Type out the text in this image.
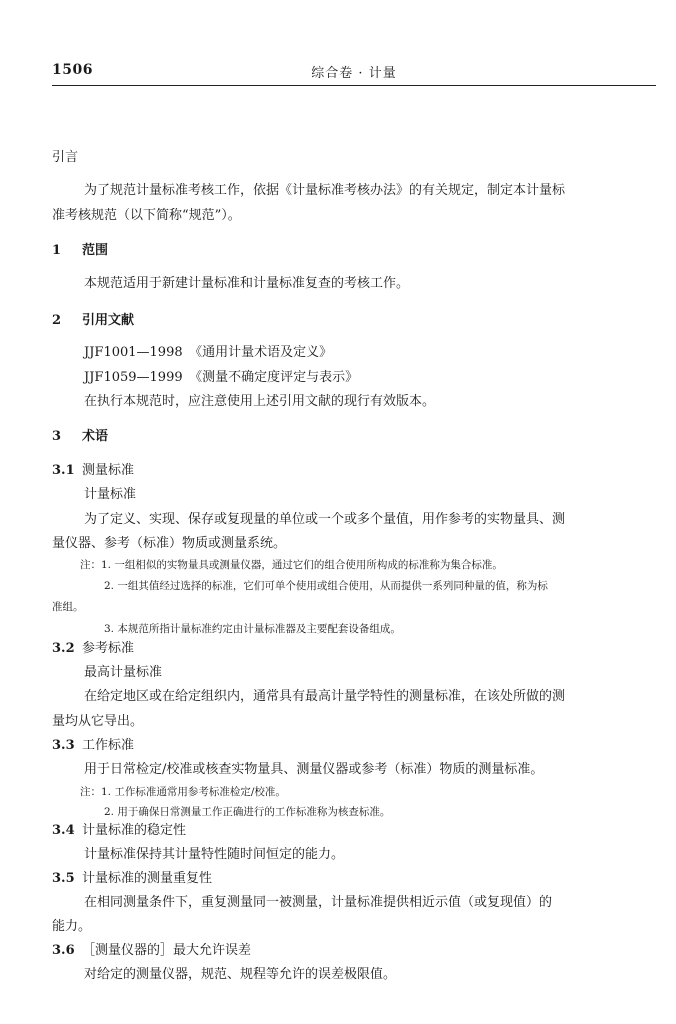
1506	综合卷 · 计量
引言
为了规范计量标准考核工作，依据《计量标准考核办法》的有关规定，制定本计量标
准考核规范（以下简称“规范”）。
1 范围
本规范适用于新建计量标准和计量标准复查的考核工作。
2 引用文献
JJF1001—1998　《通用计量术语及定义》
JJF1059—1999　《测量不确定度评定与表示》
在执行本规范时，应注意使用上述引用文献的现行有效版本。
3 术语
3.1 测量标准
计量标准
为了定义、实现、保存或复现量的单位或一个或多个量值，用作参考的实物量具、测
量仪器、参考（标准）物质或测量系统。
注：1. 一组相似的实物量具或测量仪器，通过它们的组合使用所构成的标准称为集合标准。
2. 一组其值经过选择的标准，它们可单个使用或组合使用，从而提供一系列同种量的值，称为标
准组。
3. 本规范所指计量标准约定由计量标准器及主要配套设备组成。
3.2 参考标准
最高计量标准
在给定地区或在给定组织内，通常具有最高计量学特性的测量标准，在该处所做的测
量均从它导出。
3.3 工作标准
用于日常检定/校准或核查实物量具、测量仪器或参考（标准）物质的测量标准。
注：1. 工作标准通常用参考标准检定/校准。
2. 用于确保日常测量工作正确进行的工作标准称为核查标准。
3.4 计量标准的稳定性
计量标准保持其计量特性随时间恒定的能力。
3.5 计量标准的测量重复性
在相同测量条件下，重复测量同一被测量，计量标准提供相近示值（或复现值）的
能力。
3.6 ［测量仪器的］最大允许误差
对给定的测量仪器，规范、规程等允许的误差极限值。
